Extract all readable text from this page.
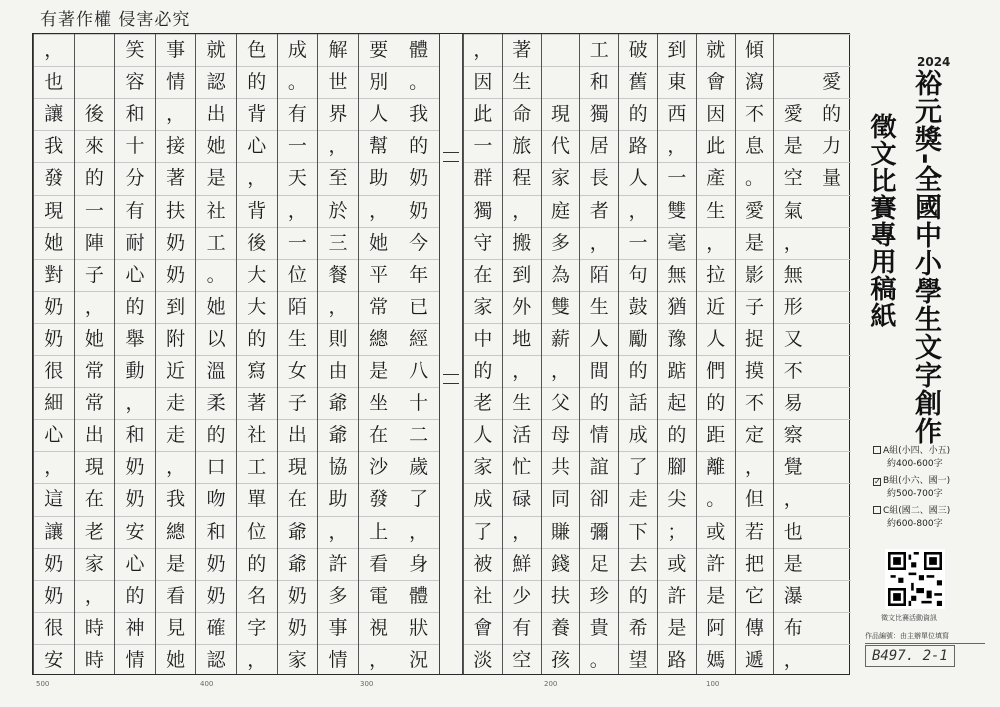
有著作權 侵害必究
愛
的
力
量
愛
是
空
氣
，
無
形
又
不
易
察
覺
，
也
是
瀑
布
，
傾
瀉
不
息
。
愛
是
影
子
捉
摸
不
定
，
但
若
把
它
傳
遞
就
會
因
此
產
生
，
拉
近
人
們
的
距
離
。
或
許
是
阿
媽
到
東
西
，
一
雙
毫
無
猶
豫
踮
起
的
腳
尖
；
或
許
是
路
破
舊
的
路
人
，
一
句
鼓
勵
的
話
成
了
走
下
去
的
希
望
工
和
獨
居
長
者
，
陌
生
人
間
的
情
誼
卻
彌
足
珍
貴
。
現
代
家
庭
多
為
雙
薪
，
父
母
共
同
賺
錢
扶
養
孩
著
生
命
旅
程
，
搬
到
外
地
，
生
活
忙
碌
，
鮮
少
有
空
，
因
此
一
群
獨
守
在
家
中
的
老
人
家
成
了
被
社
會
淡
體
。
我
的
奶
奶
今
年
已
經
八
十
二
歲
了
，
身
體
狀
況
要
別
人
幫
助
，
她
平
常
總
是
坐
在
沙
發
上
看
電
視
，
解
世
界
，
至
於
三
餐
，
則
由
爺
爺
協
助
，
許
多
事
情
成
。
有
一
天
，
一
位
陌
生
女
子
出
現
在
爺
爺
奶
奶
家
色
的
背
心
，
背
後
大
大
的
寫
著
社
工
單
位
的
名
字
，
就
認
出
她
是
社
工
。
她
以
溫
柔
的
口
吻
和
奶
奶
確
認
事
情
，
接
著
扶
奶
奶
到
附
近
走
走
，
我
總
是
看
見
她
笑
容
和
十
分
有
耐
心
的
舉
動
，
和
奶
奶
安
心
的
神
情
後
來
的
一
陣
子
，
她
常
常
出
現
在
老
家
，
時
時
，
也
讓
我
發
現
她
對
奶
奶
很
細
心
，
這
讓
奶
奶
很
安
500	400	300	200	100
2024
裕元獎-全國中小學生文字創作
徵文比賽專用稿紙
A組(小四、小五)
約400-600字
✓ B組(小六、國一)
約500-700字
C組(國二、國三)
約600-800字
徵文比賽活動資訊
作品編號：由主辦單位填寫
B497. 2-1
